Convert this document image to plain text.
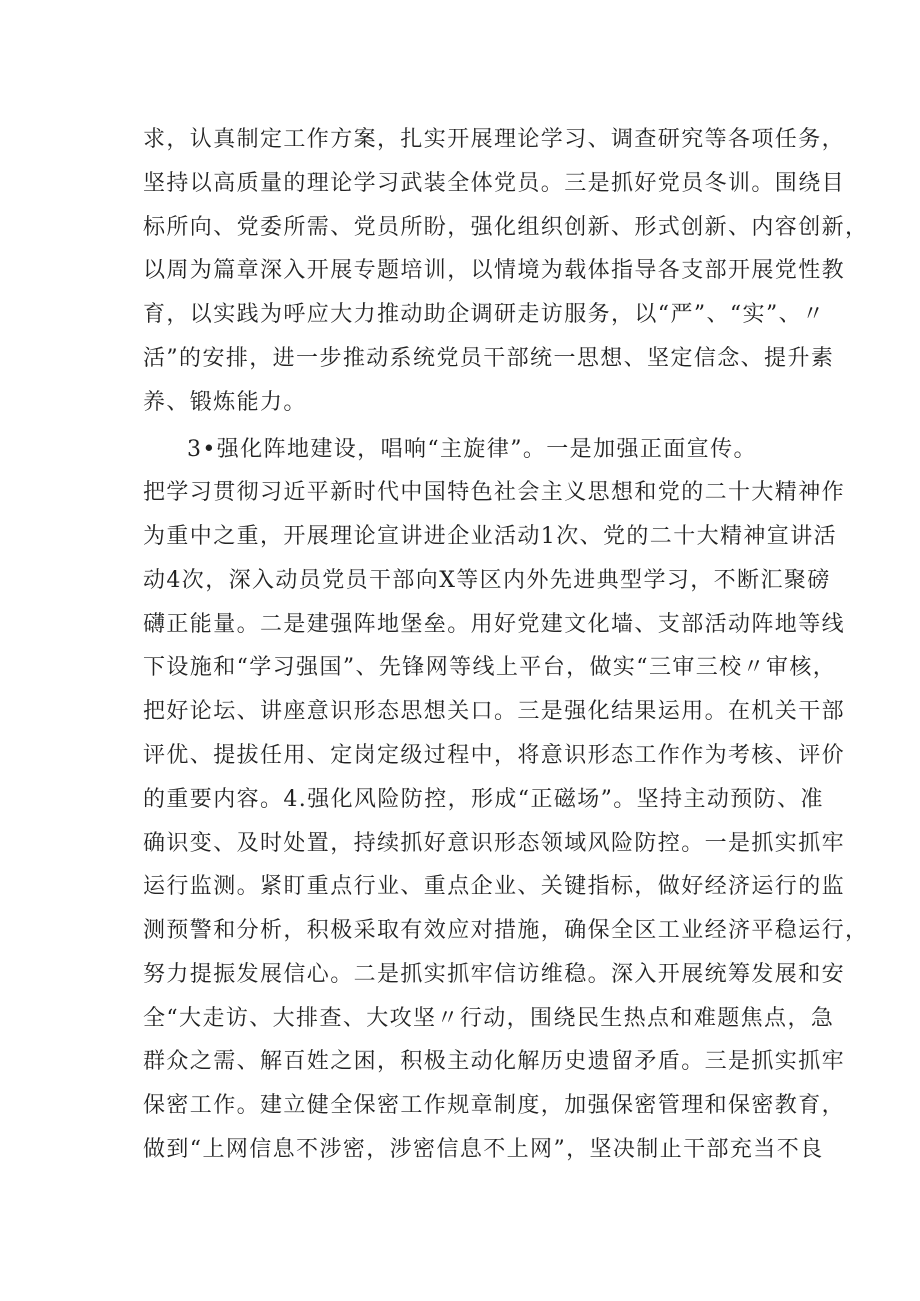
求，认真制定工作方案，扎实开展理论学习、调查研究等各项任务，
坚持以高质量的理论学习武装全体党员。三是抓好党员冬训。围绕目
标所向、党委所需、党员所盼，强化组织创新、形式创新、内容创新，
以周为篇章深入开展专题培训，以情境为载体指导各支部开展党性教
育，以实践为呼应大力推动助企调研走访服务，以“严”、“实”、〃
活”的安排，进一步推动系统党员干部统一思想、坚定信念、提升素
养、锻炼能力。
3•强化阵地建设，唱响“主旋律”。一是加强正面宣传。
把学习贯彻习近平新时代中国特色社会主义思想和党的二十大精神作
为重中之重，开展理论宣讲进企业活动1次、党的二十大精神宣讲活
动4次，深入动员党员干部向X等区内外先进典型学习，不断汇聚磅
礴正能量。二是建强阵地堡垒。用好党建文化墙、支部活动阵地等线
下设施和“学习强国”、先锋网等线上平台，做实“三审三校〃审核，
把好论坛、讲座意识形态思想关口。三是强化结果运用。在机关干部
评优、提拔任用、定岗定级过程中，将意识形态工作作为考核、评价
的重要内容。4.强化风险防控，形成“正磁场”。坚持主动预防、准
确识变、及时处置，持续抓好意识形态领域风险防控。一是抓实抓牢
运行监测。紧盯重点行业、重点企业、关键指标，做好经济运行的监
测预警和分析，积极采取有效应对措施，确保全区工业经济平稳运行，
努力提振发展信心。二是抓实抓牢信访维稳。深入开展统筹发展和安
全“大走访、大排查、大攻坚〃行动，围绕民生热点和难题焦点，急
群众之需、解百姓之困，积极主动化解历史遗留矛盾。三是抓实抓牢
保密工作。建立健全保密工作规章制度，加强保密管理和保密教育，
做到“上网信息不涉密，涉密信息不上网”，坚决制止干部充当不良
